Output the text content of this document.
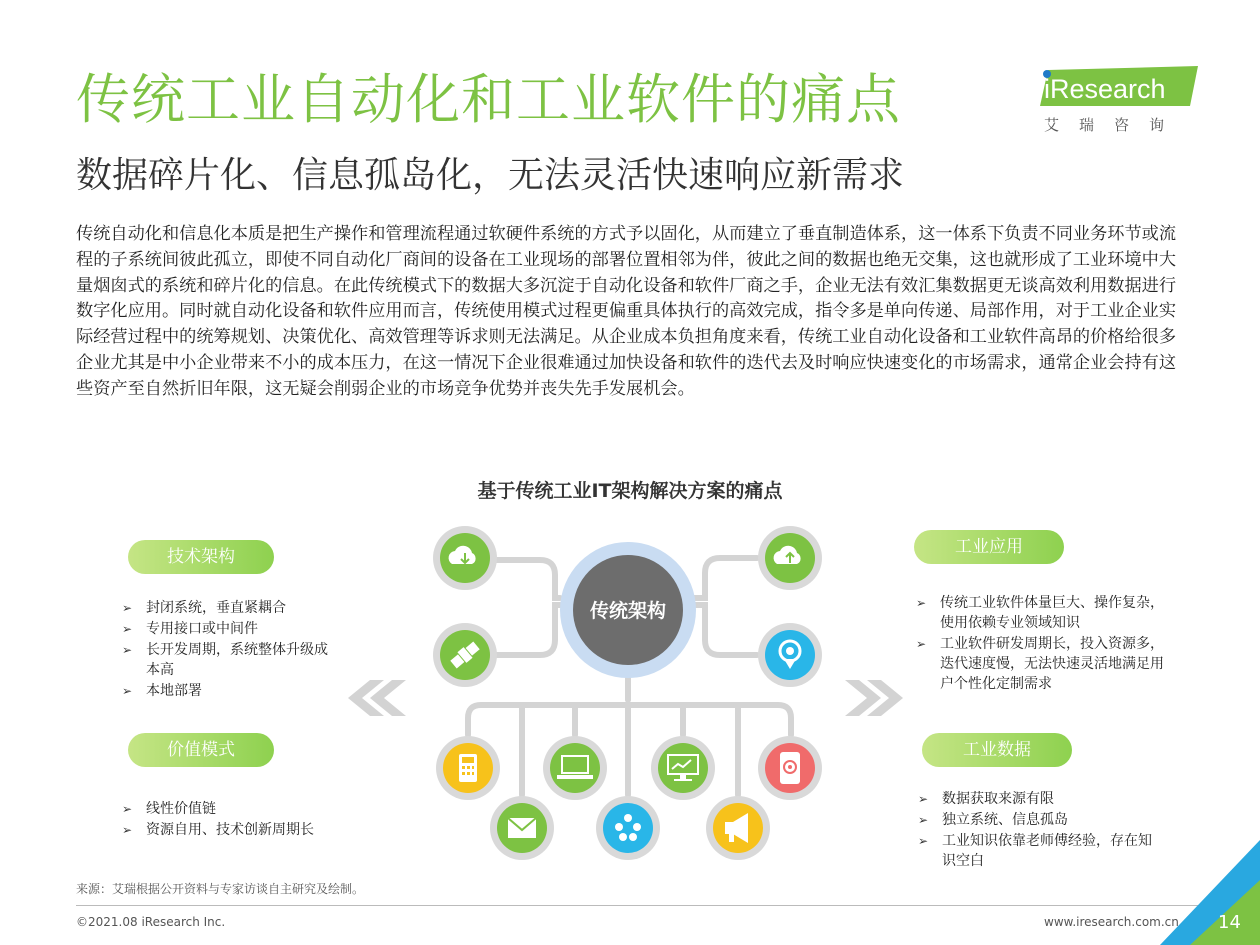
传统工业自动化和工业软件的痛点
数据碎片化、信息孤岛化，无法灵活快速响应新需求
iResearch
艾瑞咨询
传统自动化和信息化本质是把生产操作和管理流程通过软硬件系统的方式予以固化，从而建立了垂直制造体系，这一体系下负责不同业务环节或流程的子系统间彼此孤立，即使不同自动化厂商间的设备在工业现场的部署位置相邻为伴，彼此之间的数据也绝无交集，这也就形成了工业环境中大量烟囱式的系统和碎片化的信息。在此传统模式下的数据大多沉淀于自动化设备和软件厂商之手，企业无法有效汇集数据更无谈高效利用数据进行数字化应用。同时就自动化设备和软件应用而言，传统使用模式过程更偏重具体执行的高效完成，指令多是单向传递、局部作用，对于工业企业实际经营过程中的统筹规划、决策优化、高效管理等诉求则无法满足。从企业成本负担角度来看，传统工业自动化设备和工业软件高昂的价格给很多企业尤其是中小企业带来不小的成本压力，在这一情况下企业很难通过加快设备和软件的迭代去及时响应快速变化的市场需求，通常企业会持有这些资产至自然折旧年限，这无疑会削弱企业的市场竞争优势并丧失先手发展机会。
基于传统工业IT架构解决方案的痛点
技术架构
➢ 封闭系统，垂直紧耦合
➢ 专用接口或中间件
➢ 长开发周期，系统整体升级成本高
➢ 本地部署
价值模式
➢ 线性价值链
➢ 资源自用、技术创新周期长
工业应用
➢ 传统工业软件体量巨大、操作复杂，使用依赖专业领域知识
➢ 工业软件研发周期长，投入资源多，迭代速度慢，无法快速灵活地满足用户个性化定制需求
工业数据
➢ 数据获取来源有限
➢ 独立系统、信息孤岛
➢ 工业知识依靠老师傅经验，存在知识空白
传统架构
来源：艾瑞根据公开资料与专家访谈自主研究及绘制。
©2021.08 iResearch Inc.	www.iresearch.com.cn 14
